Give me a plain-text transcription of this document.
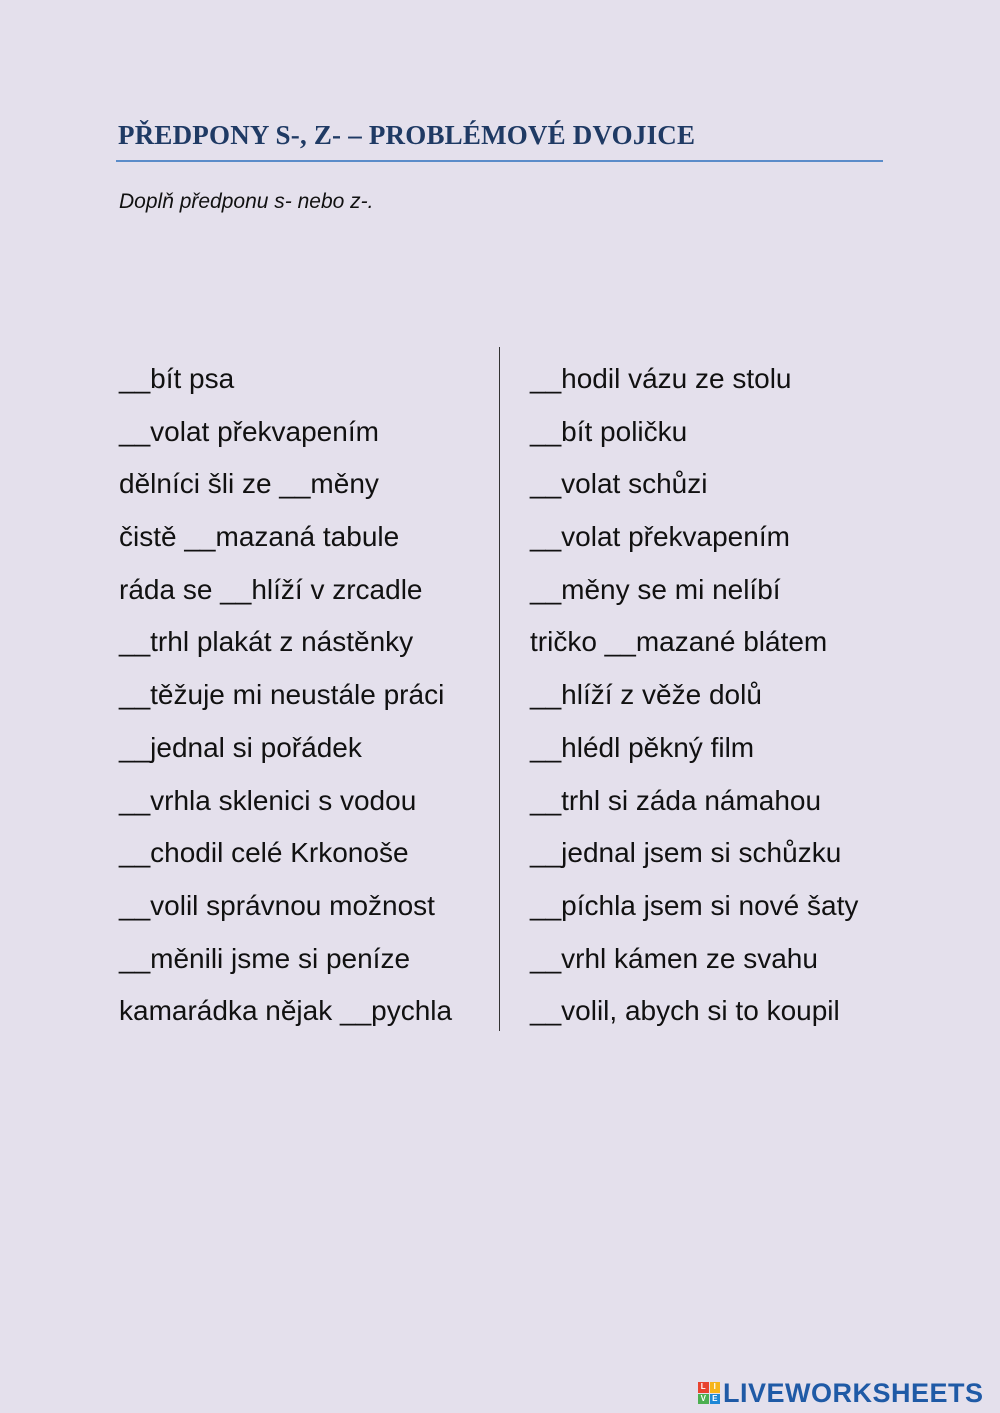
PŘEDPONY S-, Z- – PROBLÉMOVÉ DVOJICE
Doplň předponu s- nebo z-.
__bít psa
__volat překvapením
dělníci šli ze __měny
čistě __mazaná tabule
ráda se __hlíží v zrcadle
__trhl plakát z nástěnky
__těžuje mi neustále práci
__jednal si pořádek
__vrhla sklenici s vodou
__chodil celé Krkonoše
__volil správnou možnost
__měnili jsme si peníze
kamarádka nějak __pychla
__hodil vázu ze stolu
__bít poličku
__volat schůzi
__volat překvapením
__měny se mi nelíbí
tričko __mazané blátem
__hlíží z věže dolů
__hlédl pěkný film
__trhl si záda námahou
__jednal jsem si schůzku
__píchla jsem si nové šaty
__vrhl kámen ze svahu
__volil, abych si to koupil
L I
V E LIVEWORKSHEETS
